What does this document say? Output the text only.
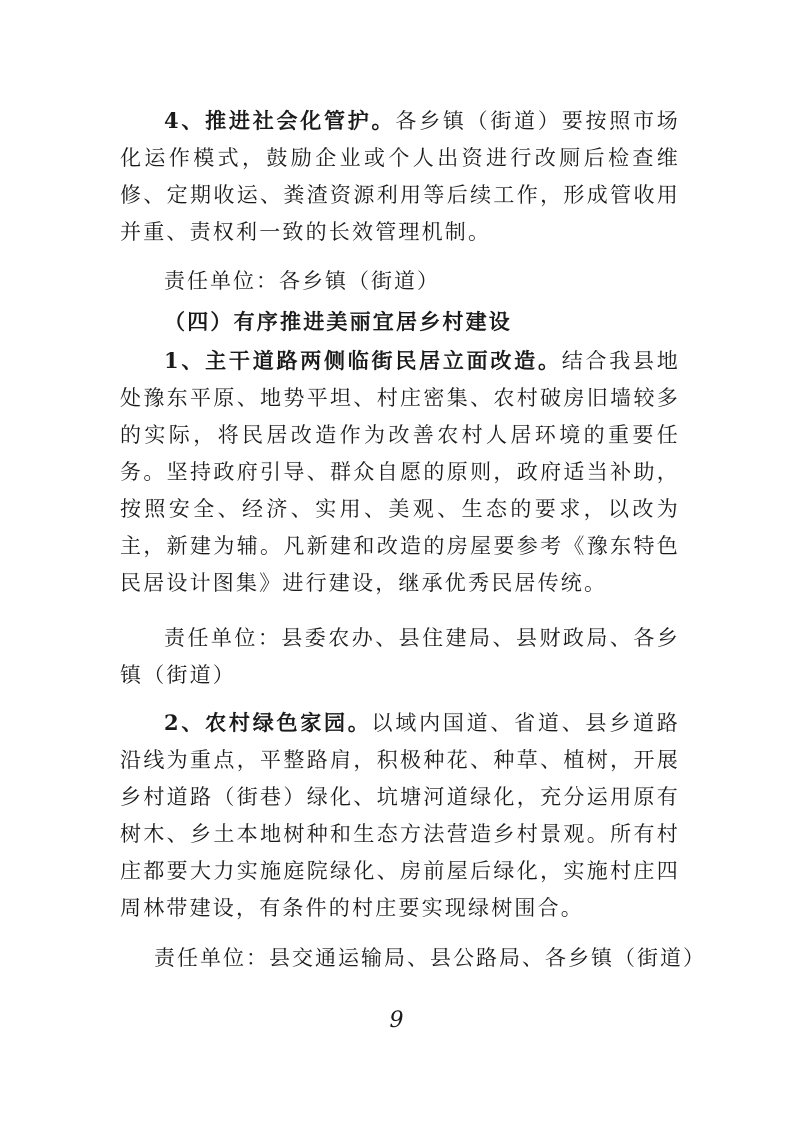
4、推进社会化管护。各乡镇（街道）要按照市场化运作模式，鼓励企业或个人出资进行改厕后检查维修、定期收运、粪渣资源利用等后续工作，形成管收用并重、责权利一致的长效管理机制。

责任单位：各乡镇（街道）

（四）有序推进美丽宜居乡村建设

1、主干道路两侧临街民居立面改造。结合我县地处豫东平原、地势平坦、村庄密集、农村破房旧墙较多的实际，将民居改造作为改善农村人居环境的重要任务。坚持政府引导、群众自愿的原则，政府适当补助，按照安全、经济、实用、美观、生态的要求，以改为主，新建为辅。凡新建和改造的房屋要参考《豫东特色民居设计图集》进行建设，继承优秀民居传统。

责任单位：县委农办、县住建局、县财政局、各乡镇（街道）

2、农村绿色家园。以域内国道、省道、县乡道路沿线为重点，平整路肩，积极种花、种草、植树，开展乡村道路（街巷）绿化、坑塘河道绿化，充分运用原有树木、乡土本地树种和生态方法营造乡村景观。所有村庄都要大力实施庭院绿化、房前屋后绿化，实施村庄四周林带建设，有条件的村庄要实现绿树围合。

责任单位：县交通运输局、县公路局、各乡镇（街道）

9
